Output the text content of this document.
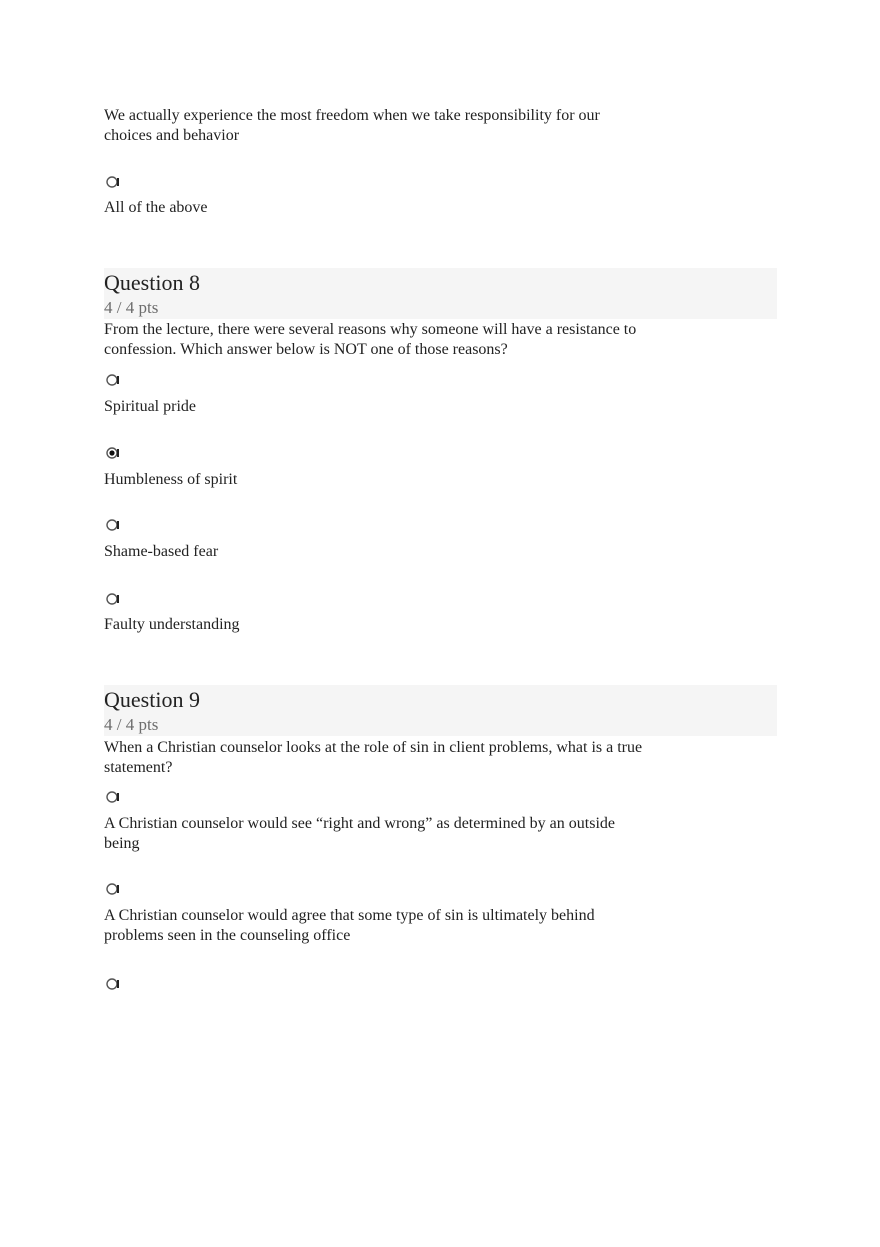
We actually experience the most freedom when we take responsibility for our choices and behavior

All of the above

Question 8
4 / 4 pts

From the lecture, there were several reasons why someone will have a resistance to confession. Which answer below is NOT one of those reasons?

Spiritual pride

Humbleness of spirit

Shame-based fear

Faulty understanding

Question 9
4 / 4 pts

When a Christian counselor looks at the role of sin in client problems, what is a true statement?

A Christian counselor would see “right and wrong” as determined by an outside being

A Christian counselor would agree that some type of sin is ultimately behind problems seen in the counseling office
